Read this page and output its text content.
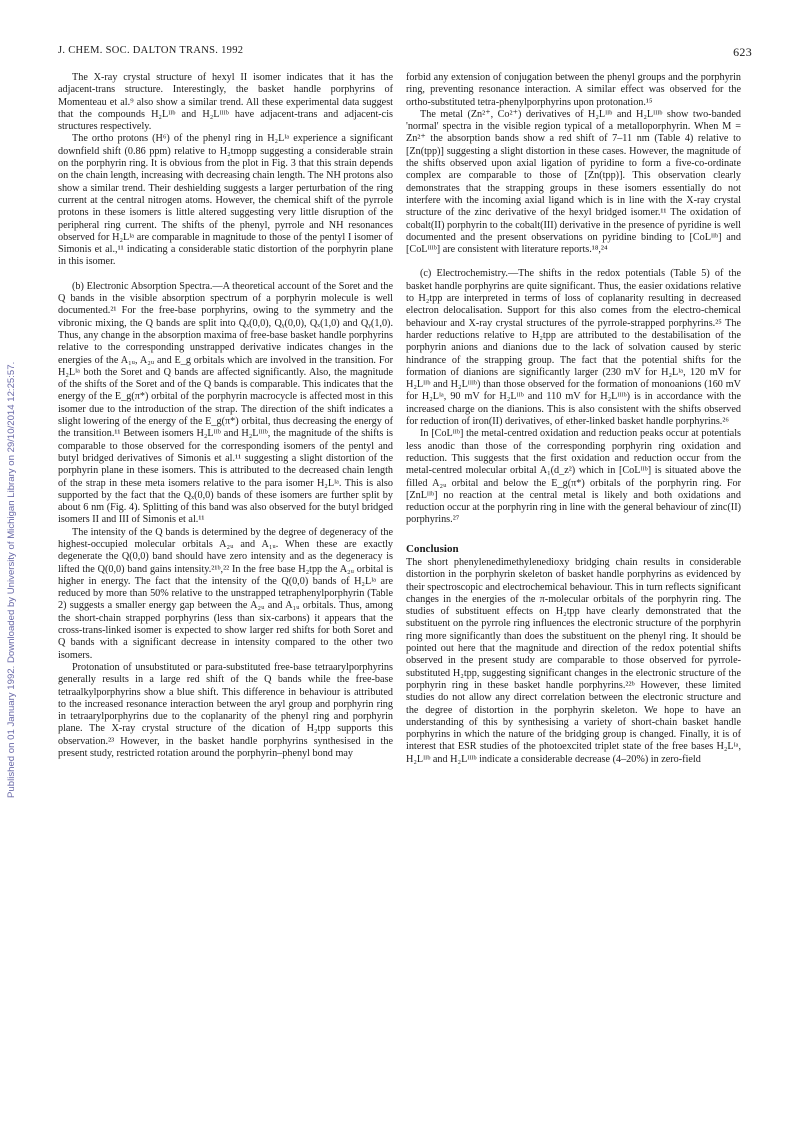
J. CHEM. SOC. DALTON TRANS. 1992	623
Published on 01 January 1992. Downloaded by University of Michigan Library on 29/10/2014 12:25:57.

The X-ray crystal structure of hexyl II isomer indicates that it has the adjacent-trans structure. Interestingly, the basket handle porphyrins of Momenteau et al.⁹ also show a similar trend. All these experimental data suggest that the compounds H₂Lᴵᴵᵇ and H₂Lᴵᴵᴵᵇ have adjacent-trans and adjacent-cis structures respectively.

The ortho protons (H⁶) of the phenyl ring in H₂Lᴵᵃ experience a significant downfield shift (0.86 ppm) relative to H₂tmopp suggesting a considerable strain on the porphyrin ring. It is obvious from the plot in Fig. 3 that this strain depends on the chain length, increasing with decreasing chain length. The NH protons also show a similar trend. Their deshielding suggests a larger perturbation of the ring current at the central nitrogen atoms. However, the chemical shift of the pyrrole protons in these isomers is little altered suggesting very little disruption of the peripheral ring current. The shifts of the phenyl, pyrrole and NH resonances observed for H₂Lᴵᵃ are comparable in magnitude to those of the pentyl I isomer of Simonis et al.,¹¹ indicating a considerable static distortion of the porphyrin plane in this isomer.

(b) Electronic Absorption Spectra.—A theoretical account of the Soret and the Q bands in the visible absorption spectrum of a porphyrin molecule is well documented.²¹ For the free-base porphyrins, owing to the symmetry and the vibronic mixing, the Q bands are split into Qₓ(0,0), Qᵧ(0,0), Qₓ(1,0) and Qᵧ(1,0). Thus, any change in the absorption maxima of free-base basket handle porphyrins relative to the corresponding unstrapped derivative indicates changes in the energies of the A₁ᵤ, A₂ᵤ and E_g orbitals which are involved in the transition. For H₂Lᴵᵃ both the Soret and Q bands are affected significantly. Also, the magnitude of the shifts of the Soret and of the Q bands is comparable. This indicates that the energy of the E_g(π*) orbital of the porphyrin macrocycle is affected most in this isomer due to the introduction of the strap. The direction of the shift indicates a slight lowering of the energy of the E_g(π*) orbital, thus decreasing the energy of the transition.¹¹ Between isomers H₂Lᴵᴵᵇ and H₂Lᴵᴵᴵᵇ, the magnitude of the shifts is comparable to those observed for the corresponding isomers of the pentyl and butyl bridged derivatives of Simonis et al.¹¹ suggesting a slight distortion of the porphyrin plane in these isomers. This is attributed to the decreased chain length of the strap in these meta isomers relative to the para isomer H₂Lᴵᵃ. This is also supported by the fact that the Qₓ(0,0) bands of these isomers are further split by about 6 nm (Fig. 4). Splitting of this band was also observed for the butyl bridged isomers II and III of Simonis et al.¹¹

The intensity of the Q bands is determined by the degree of degeneracy of the highest-occupied molecular orbitals A₂ᵤ and A₁ᵤ. When these are exactly degenerate the Q(0,0) band should have zero intensity and as the degeneracy is lifted the Q(0,0) band gains intensity.²¹ᵇ,²² In the free base H₂tpp the A₂ᵤ orbital is higher in energy. The fact that the intensity of the Q(0,0) bands of H₂Lᴵᵃ are reduced by more than 50% relative to the unstrapped tetraphenylporphyrin (Table 2) suggests a smaller energy gap between the A₂ᵤ and A₁ᵤ orbitals. Thus, among the short-chain strapped porphyrins (less than six-carbons) it appears that the cross-trans-linked isomer is expected to show larger red shifts for both Soret and Q bands with a significant decrease in intensity compared to the other two isomers.

Protonation of unsubstituted or para-substituted free-base tetraarylporphyrins generally results in a large red shift of the Q bands while the free-base tetraalkylporphyrins show a blue shift. This difference in behaviour is attributed to the increased resonance interaction between the aryl group and porphyrin ring in tetraarylporphyrins due to the coplanarity of the phenyl ring and porphyrin plane. The X-ray crystal structure of the dication of H₂tpp supports this observation.²³ However, in the basket handle porphyrins synthesised in the present study, restricted rotation around the porphyrin–phenyl bond may

forbid any extension of conjugation between the phenyl groups and the porphyrin ring, preventing resonance interaction. A similar effect was observed for the ortho-substituted tetra-phenylporphyrins upon protonation.¹⁵

The metal (Zn²⁺, Co²⁺) derivatives of H₂Lᴵᴵᵇ and H₂Lᴵᴵᴵᵇ show two-banded 'normal' spectra in the visible region typical of a metalloporphyrin. When M = Zn²⁺ the absorption bands show a red shift of 7–11 nm (Table 4) relative to [Zn(tpp)] suggesting a slight distortion in these cases. However, the magnitude of the shifts observed upon axial ligation of pyridine to form a five-co-ordinate complex are comparable to those of [Zn(tpp)]. This observation clearly demonstrates that the strapping groups in these isomers essentially do not interfere with the incoming axial ligand which is in line with the X-ray crystal structure of the zinc derivative of the hexyl bridged isomer.¹¹ The oxidation of cobalt(II) porphyrin to the cobalt(III) derivative in the presence of pyridine is well documented and the present observations on pyridine binding to [CoLᴵᴵᵇ] and [CoLᴵᴵᴵᵇ] are consistent with literature reports.¹⁸,²⁴

(c) Electrochemistry.—The shifts in the redox potentials (Table 5) of the basket handle porphyrins are quite significant. Thus, the easier oxidations relative to H₂tpp are interpreted in terms of loss of coplanarity resulting in decreased electron delocalisation. Support for this also comes from the electro-chemical behaviour and X-ray crystal structures of the pyrrole-strapped porphyrins.²⁵ The harder reductions relative to H₂tpp are attributed to the destabilisation of the porphyrin anions and dianions due to the lack of solvation caused by steric hindrance of the strapping group. The fact that the potential shifts for the formation of dianions are significantly larger (230 mV for H₂Lᴵᵃ, 120 mV for H₂Lᴵᴵᵇ and H₂Lᴵᴵᴵᵇ) than those observed for the formation of monoanions (160 mV for H₂Lᴵᵃ, 90 mV for H₂Lᴵᴵᵇ and 110 mV for H₂Lᴵᴵᴵᵇ) is in accordance with the increased charge on the dianions. This is also consistent with the shifts observed for reduction of iron(II) derivatives, of ether-linked basket handle porphyrins.²⁶

In [CoLᴵᴵᵇ] the metal-centred oxidation and reduction peaks occur at potentials less anodic than those of the corresponding porphyrin ring oxidation and reduction. This suggests that the first oxidation and reduction occur from the metal-centred molecular orbital A₁(d_z²) which in [CoLᴵᴵᵇ] is situated above the filled A₂ᵤ orbital and below the E_g(π*) orbitals of the porphyrin ring. For [ZnLᴵᴵᵇ] no reaction at the central metal is likely and both oxidations and reduction occur at the porphyrin ring in line with the general behaviour of zinc(II) porphyrins.²⁷

Conclusion

The short phenylenedimethylenedioxy bridging chain results in considerable distortion in the porphyrin skeleton of basket handle porphyrins as evidenced by their spectroscopic and electrochemical behaviour. This in turn reflects significant changes in the energies of the π-molecular orbitals of the porphyrin ring. The studies of substituent effects on H₂tpp have clearly demonstrated that the substituent on the pyrrole ring influences the electronic structure of the porphyrin ring more significantly than does the substituent on the phenyl ring. It should be pointed out here that the magnitude and direction of the redox potential shifts observed in the present study are comparable to those observed for pyrrole-substituted H₂tpp, suggesting significant changes in the electronic structure of the porphyrin ring in these basket handle porphyrins.²²ᵇ However, these limited studies do not allow any direct correlation between the electronic structure and the degree of distortion in the porphyrin skeleton. We hope to have an understanding of this by synthesising a variety of short-chain basket handle porphyrins in which the nature of the bridging group is changed. Finally, it is of interest that ESR studies of the photoexcited triplet state of the free bases H₂Lᴵᵃ, H₂Lᴵᴵᵇ and H₂Lᴵᴵᴵᵇ indicate a considerable decrease (4–20%) in zero-field
